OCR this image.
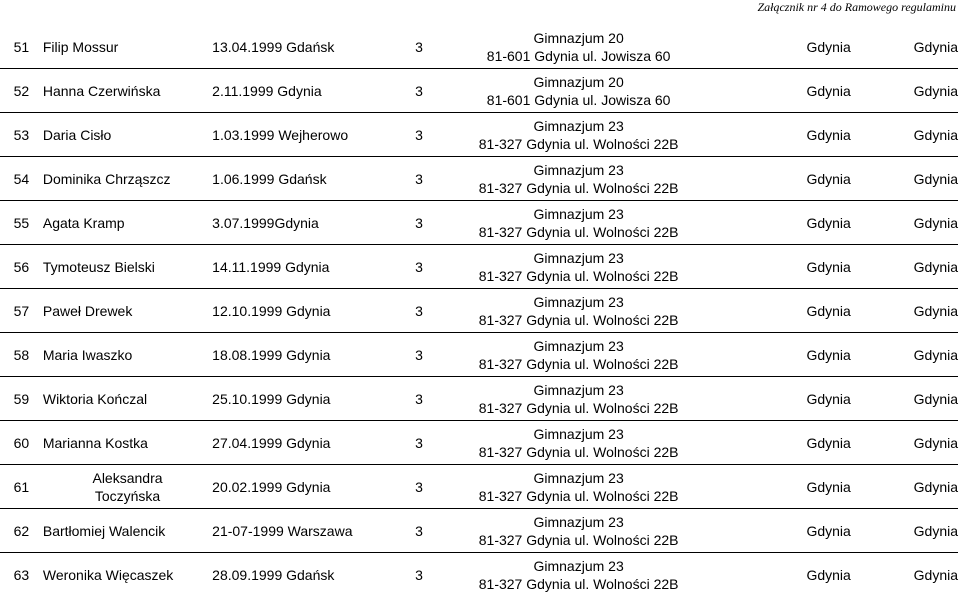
Załącznik nr 4 do Ramowego regulaminu
51	Filip Mossur	13.04.1999 Gdańsk	3	Gimnazjum 20
81-601 Gdynia ul. Jowisza 60	Gdynia	Gdynia
52	Hanna Czerwińska	2.11.1999 Gdynia	3	Gimnazjum 20
81-601 Gdynia ul. Jowisza 60	Gdynia	Gdynia
53	Daria Cisło	1.03.1999 Wejherowo	3	Gimnazjum 23
81-327 Gdynia ul. Wolności 22B	Gdynia	Gdynia
54	Dominika Chrząszcz	1.06.1999 Gdańsk	3	Gimnazjum 23
81-327 Gdynia ul. Wolności 22B	Gdynia	Gdynia
55	Agata Kramp	3.07.1999Gdynia	3	Gimnazjum 23
81-327 Gdynia ul. Wolności 22B	Gdynia	Gdynia
56	Tymoteusz Bielski	14.11.1999 Gdynia	3	Gimnazjum 23
81-327 Gdynia ul. Wolności 22B	Gdynia	Gdynia
57	Paweł Drewek	12.10.1999 Gdynia	3	Gimnazjum 23
81-327 Gdynia ul. Wolności 22B	Gdynia	Gdynia
58	Maria Iwaszko	18.08.1999 Gdynia	3	Gimnazjum 23
81-327 Gdynia ul. Wolności 22B	Gdynia	Gdynia
59	Wiktoria Kończal	25.10.1999 Gdynia	3	Gimnazjum 23
81-327 Gdynia ul. Wolności 22B	Gdynia	Gdynia
60	Marianna Kostka	27.04.1999 Gdynia	3	Gimnazjum 23
81-327 Gdynia ul. Wolności 22B	Gdynia	Gdynia
61	Aleksandra
Toczyńska	20.02.1999 Gdynia	3	Gimnazjum 23
81-327 Gdynia ul. Wolności 22B	Gdynia	Gdynia
62	Bartłomiej Walencik	21-07-1999 Warszawa	3	Gimnazjum 23
81-327 Gdynia ul. Wolności 22B	Gdynia	Gdynia
63	Weronika Więcaszek	28.09.1999 Gdańsk	3	Gimnazjum 23
81-327 Gdynia ul. Wolności 22B	Gdynia	Gdynia
